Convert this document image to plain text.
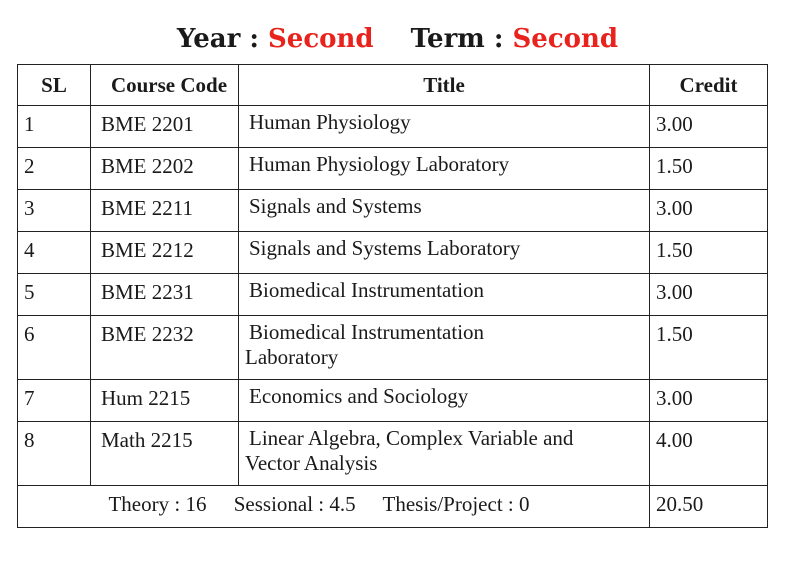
Year : Second Term : Second
SL	Course Code	Title	Credit
1	BME 2201	Human Physiology	3.00
2	BME 2202	Human Physiology Laboratory	1.50
3	BME 2211	Signals and Systems	3.00
4	BME 2212	Signals and Systems Laboratory	1.50
5	BME 2231	Biomedical Instrumentation	3.00
6	BME 2232	Biomedical Instrumentation
Laboratory	1.50
7	Hum 2215	Economics and Sociology	3.00
8	Math 2215	Linear Algebra, Complex Variable and
Vector Analysis	4.00
Theory : 16 Sessional : 4.5 Thesis/Project : 0			20.50
